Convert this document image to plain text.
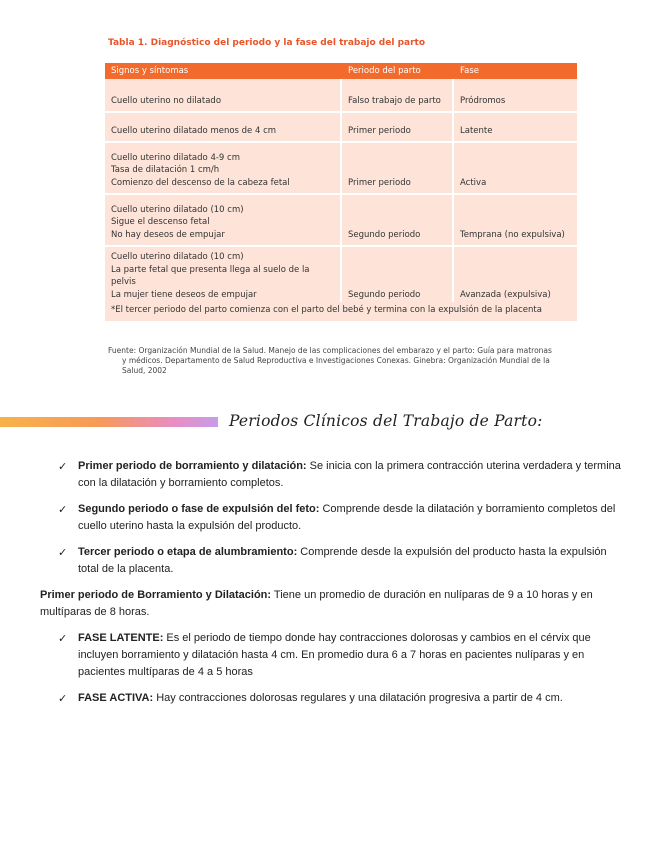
Tabla 1. Diagnóstico del periodo y la fase del trabajo del parto
Signos y síntomas	Periodo del parto	Fase

Cuello uterino no dilatado	Falso trabajo de parto	Pródromos

Cuello uterino dilatado menos de 4 cm	Primer periodo	Latente

Cuello uterino dilatado 4-9 cm
Tasa de dilatación 1 cm/h
Comienzo del descenso de la cabeza fetal	Primer periodo	Activa

Cuello uterino dilatado (10 cm)
Sigue el descenso fetal
No hay deseos de empujar	Segundo periodo	Temprana (no expulsiva)

Cuello uterino dilatado (10 cm)
La parte fetal que presenta llega al suelo de la pelvis
La mujer tiene deseos de empujar	Segundo periodo	Avanzada (expulsiva)
*El tercer periodo del parto comienza con el parto del bebé y termina con la expulsión de la placenta
Fuente: Organización Mundial de la Salud. Manejo de las complicaciones del embarazo y el parto: Guía para matronas
y médicos. Departamento de Salud Reproductiva e Investigaciones Conexas. Ginebra: Organización Mundial de la
Salud, 2002
Periodos Clínicos del Trabajo de Parto:
✓ Primer periodo de borramiento y dilatación: Se inicia con la primera contracción uterina verdadera y termina con la dilatación y borramiento completos.
✓ Segundo periodo o fase de expulsión del feto: Comprende desde la dilatación y borramiento completos del cuello uterino hasta la expulsión del producto.
✓ Tercer periodo o etapa de alumbramiento: Comprende desde la expulsión del producto hasta la expulsión total de la placenta.
Primer periodo de Borramiento y Dilatación: Tiene un promedio de duración en nulíparas de 9 a 10 horas y en multíparas de 8 horas.
✓ FASE LATENTE: Es el periodo de tiempo donde hay contracciones dolorosas y cambios en el cérvix que incluyen borramiento y dilatación hasta 4 cm. En promedio dura 6 a 7 horas en pacientes nulíparas y en pacientes multíparas de 4 a 5 horas
✓ FASE ACTIVA: Hay contracciones dolorosas regulares y una dilatación progresiva a partir de 4 cm.
